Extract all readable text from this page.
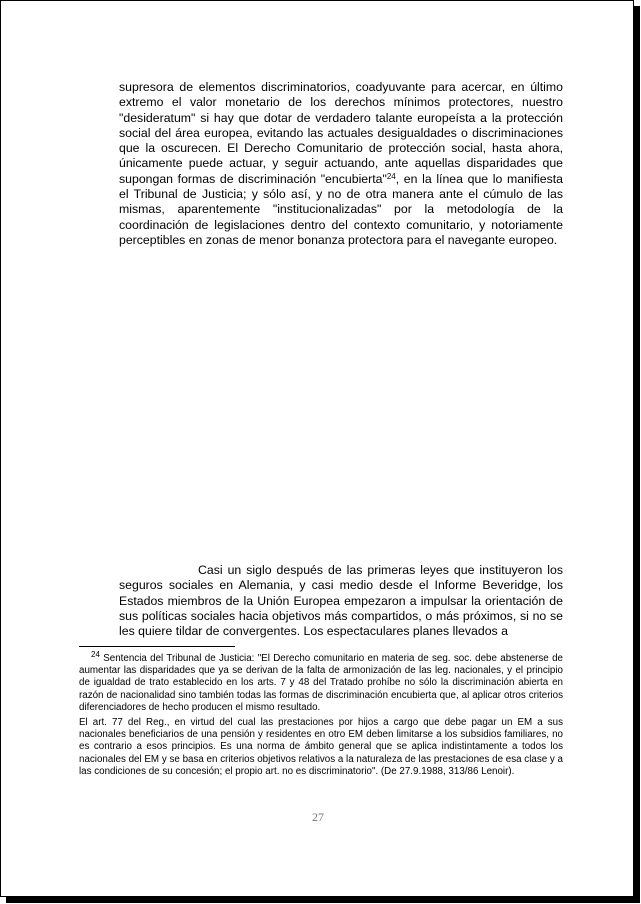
supresora de elementos discriminatorios, coadyuvante para acercar, en último extremo el valor monetario de los derechos mínimos protectores, nuestro "desideratum" si hay que dotar de verdadero talante europeísta a la protección social del área europea, evitando las actuales desigualdades o discriminaciones que la oscurecen. El Derecho Comunitario de protección social, hasta ahora, únicamente puede actuar, y seguir actuando, ante aquellas disparidades que supongan formas de discriminación "encubierta"$^{24}$, en la línea que lo manifiesta el Tribunal de Justicia; y sólo así, y no de otra manera ante el cúmulo de las mismas, aparentemente "institucionalizadas" por la metodología de la coordinación de legislaciones dentro del contexto comunitario, y notoriamente perceptibles en zonas de menor bonanza protectora para el navegante europeo.

Casi un siglo después de las primeras leyes que instituyeron los seguros sociales en Alemania, y casi medio desde el Informe Beveridge, los Estados miembros de la Unión Europea empezaron a impulsar la orientación de sus políticas sociales hacia objetivos más compartidos, o más próximos, si no se les quiere tildar de convergentes. Los espectaculares planes llevados a

$^{24}$ Sentencia del Tribunal de Justicia: "El Derecho comunitario en materia de seg. soc. debe abstenerse de aumentar las disparidades que ya se derivan de la falta de armonización de las leg. nacionales, y el principio de igualdad de trato establecido en los arts. 7 y 48 del Tratado prohíbe no sólo la discriminación abierta en razón de nacionalidad sino también todas las formas de discriminación encubierta que, al aplicar otros criterios diferenciadores de hecho producen el mismo resultado.

El art. 77 del Reg., en virtud del cual las prestaciones por hijos a cargo que debe pagar un EM a sus nacionales beneficiarios de una pensión y residentes en otro EM deben limitarse a los subsidios familiares, no es contrario a esos principios. Es una norma de ámbito general que se aplica indistintamente a todos los nacionales del EM y se basa en criterios objetivos relativos a la naturaleza de las prestaciones de esa clase y a las condiciones de su concesión; el propio art. no es discriminatorio". (De 27.9.1988, 313/86 Lenoir).

27
